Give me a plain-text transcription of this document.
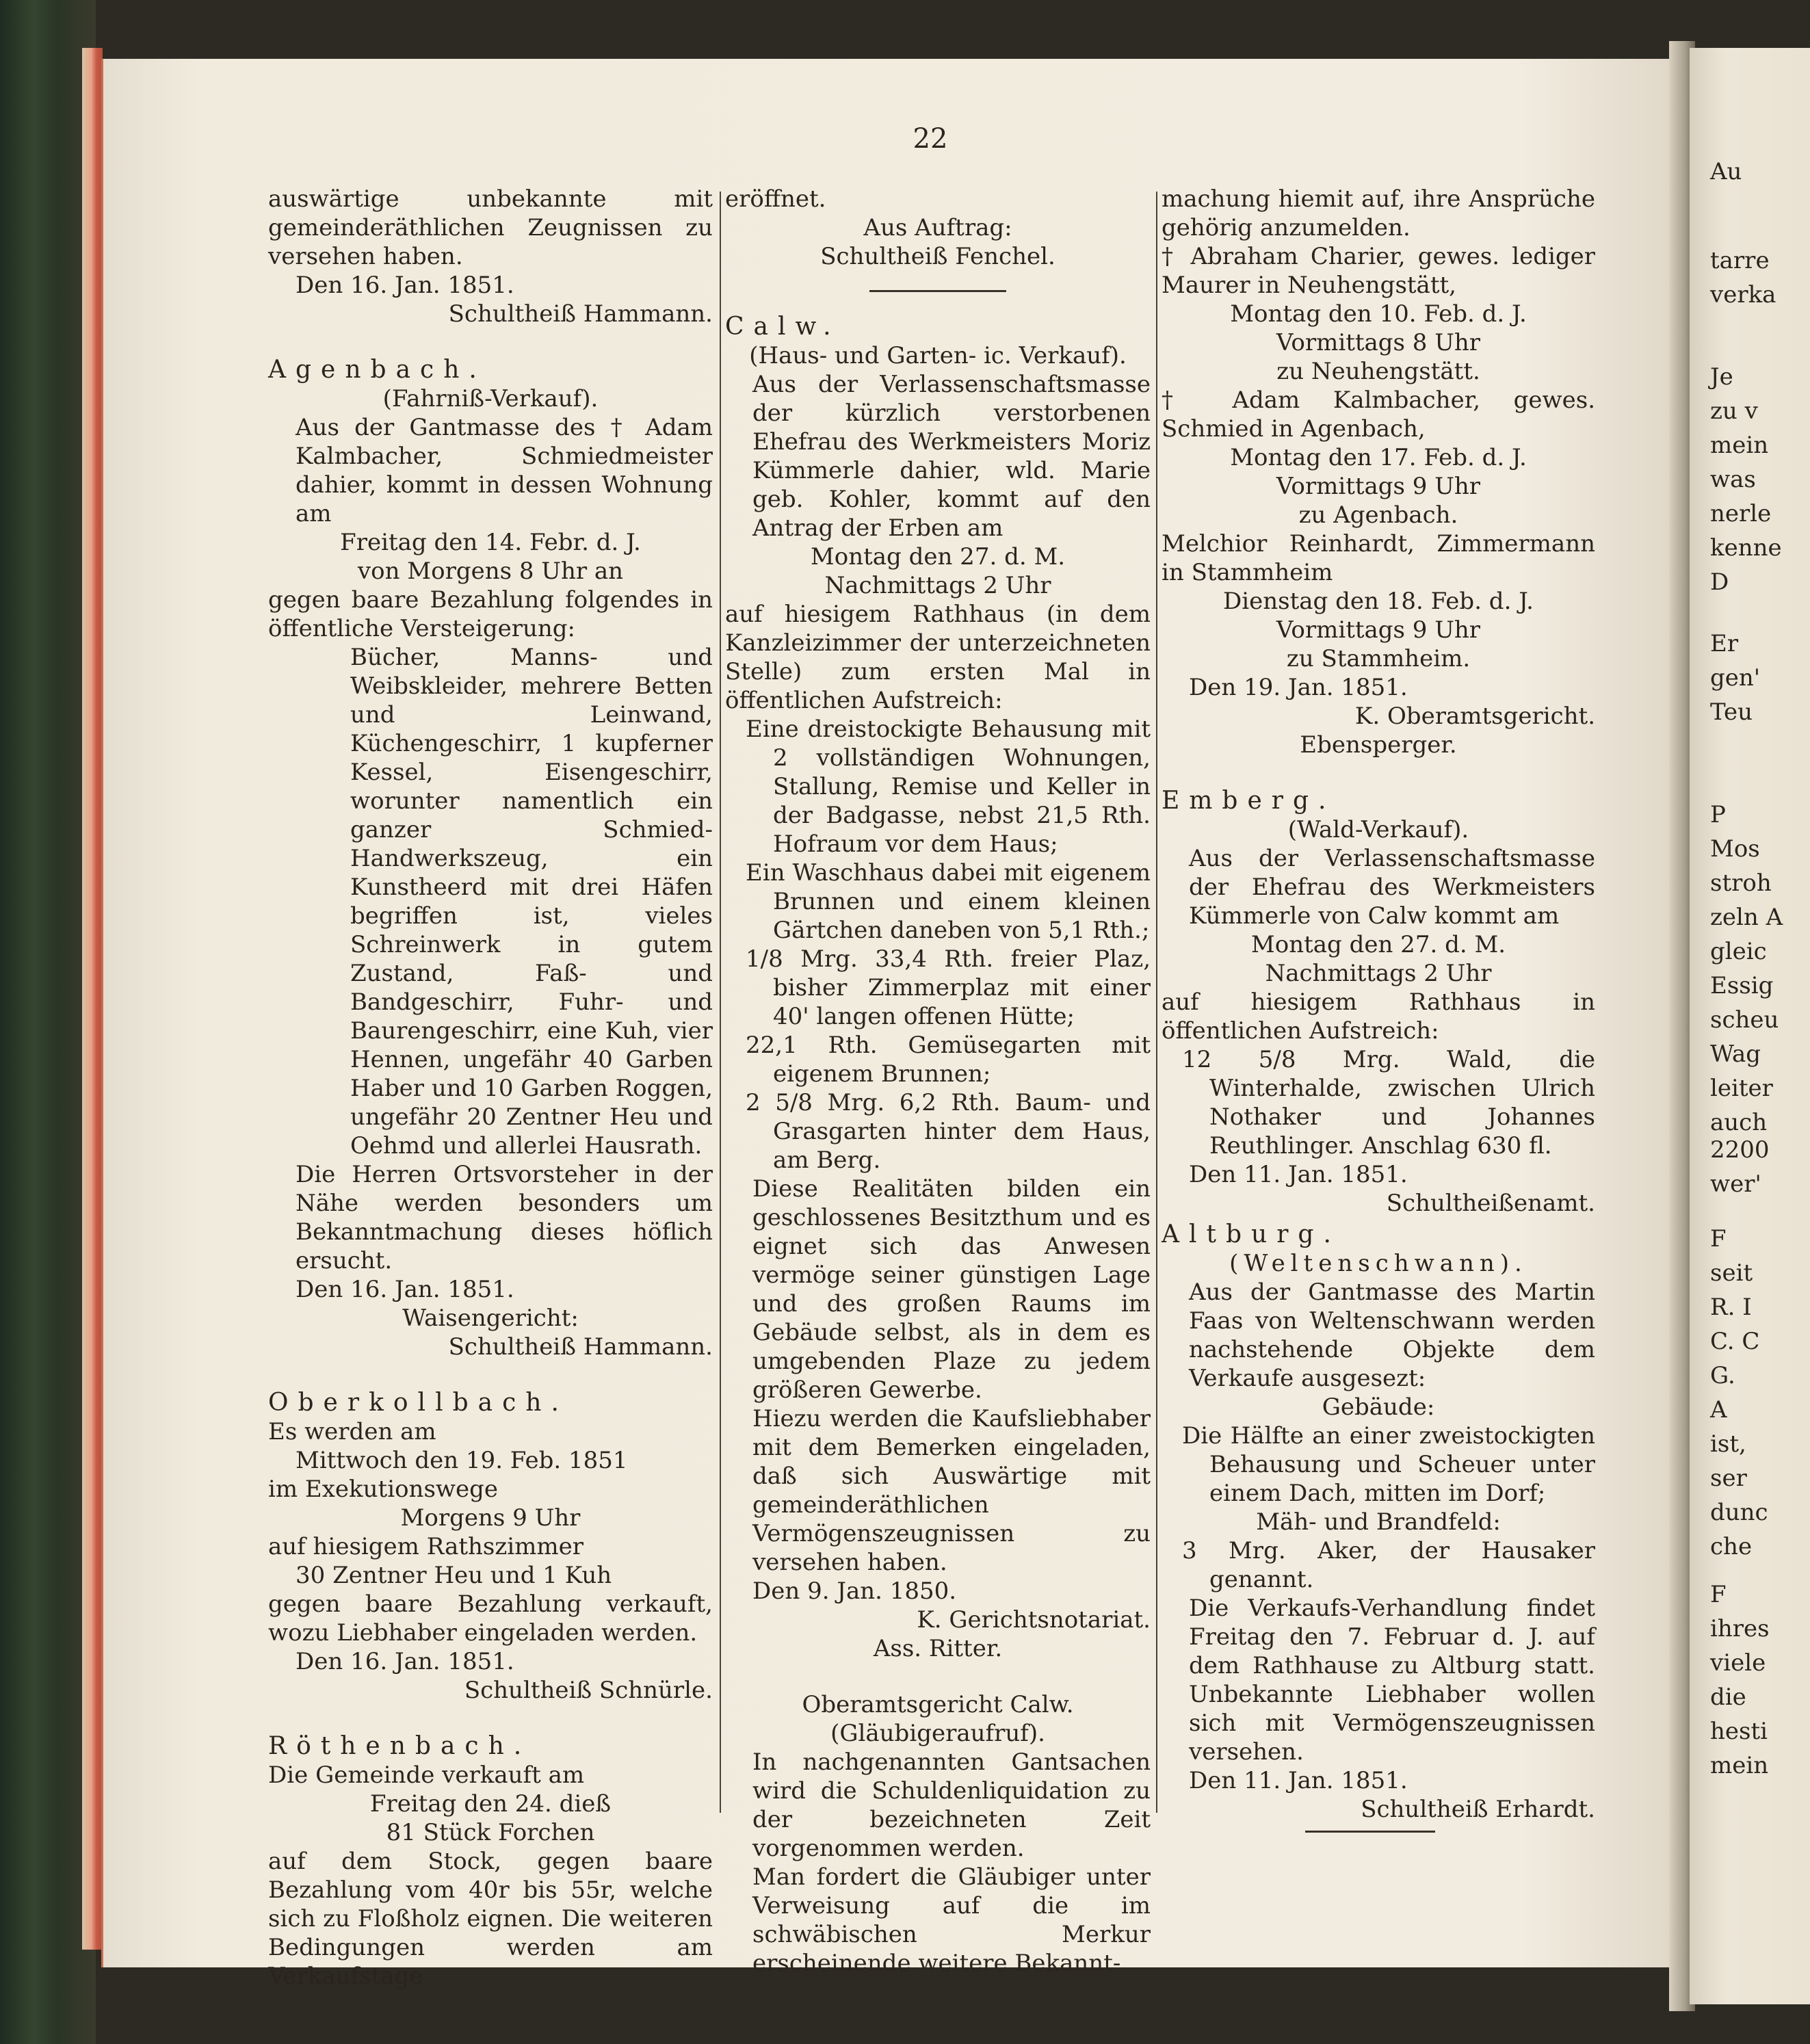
Au
tarre
verka
Je
zu v
mein
was
nerle
kenne
D
Er
gen'
Teu
P
Mos
stroh
zeln A
gleic
Essig
scheu
Wag
leiter
auch
2200
wer'
F
seit
R. I
C. C
G.
A
ist,
ser
dunc
che
F
ihres
viele
die
hesti
mein
22

auswärtige unbekannte mit gemeinderäthlichen Zeugnissen zu versehen haben.

Den 16. Jan. 1851.

Schultheiß Hammann.

Agenbach.

(Fahrniß-Verkauf).

Aus der Gantmasse des † Adam Kalmbacher, Schmiedmeister dahier, kommt in dessen Wohnung am

Freitag den 14. Febr. d. J.

von Morgens 8 Uhr an

gegen baare Bezahlung folgendes in öffentliche Versteigerung:

Bücher, Manns- und Weibskleider, mehrere Betten und Leinwand, Küchengeschirr, 1 kupferner Kessel, Eisengeschirr, worunter namentlich ein ganzer Schmied-Handwerkszeug, ein Kunstheerd mit drei Häfen begriffen ist, vieles Schreinwerk in gutem Zustand, Faß- und Bandgeschirr, Fuhr- und Baurengeschirr, eine Kuh, vier Hennen, ungefähr 40 Garben Haber und 10 Garben Roggen, ungefähr 20 Zentner Heu und Oehmd und allerlei Hausrath.

Die Herren Ortsvorsteher in der Nähe werden besonders um Bekanntmachung dieses höflich ersucht.

Den 16. Jan. 1851.

Waisengericht:

Schultheiß Hammann.

Oberkollbach.

Es werden am

Mittwoch den 19. Feb. 1851

im Exekutionswege

Morgens 9 Uhr

auf hiesigem Rathszimmer

30 Zentner Heu und 1 Kuh

gegen baare Bezahlung verkauft, wozu Liebhaber eingeladen werden.

Den 16. Jan. 1851.

Schultheiß Schnürle.

Röthenbach.

Die Gemeinde verkauft am

Freitag den 24. dieß

81 Stück Forchen

auf dem Stock, gegen baare Bezahlung vom 40r bis 55r, welche sich zu Floßholz eignen. Die weiteren Bedingungen werden am Verkaufstage

eröffnet.

Aus Auftrag:

Schultheiß Fenchel.

Calw.

(Haus- und Garten- ic. Verkauf).

Aus der Verlassenschaftsmasse der kürzlich verstorbenen Ehefrau des Werkmeisters Moriz Kümmerle dahier, wld. Marie geb. Kohler, kommt auf den Antrag der Erben am

Montag den 27. d. M.

Nachmittags 2 Uhr

auf hiesigem Rathhaus (in dem Kanzleizimmer der unterzeichneten Stelle) zum ersten Mal in öffentlichen Aufstreich:

Eine dreistockigte Behausung mit 2 vollständigen Wohnungen, Stallung, Remise und Keller in der Badgasse, nebst 21,5 Rth. Hofraum vor dem Haus;

Ein Waschhaus dabei mit eigenem Brunnen und einem kleinen Gärtchen daneben von 5,1 Rth.;

1/8 Mrg. 33,4 Rth. freier Plaz, bisher Zimmerplaz mit einer 40' langen offenen Hütte;

22,1 Rth. Gemüsegarten mit eigenem Brunnen;

2 5/8 Mrg. 6,2 Rth. Baum- und Grasgarten hinter dem Haus, am Berg.

Diese Realitäten bilden ein geschlossenes Besitzthum und es eignet sich das Anwesen vermöge seiner günstigen Lage und des großen Raums im Gebäude selbst, als in dem es umgebenden Plaze zu jedem größeren Gewerbe.

Hiezu werden die Kaufsliebhaber mit dem Bemerken eingeladen, daß sich Auswärtige mit gemeinderäthlichen Vermögenszeugnissen zu versehen haben.

Den 9. Jan. 1850.

K. Gerichtsnotariat.

Ass. Ritter.

Oberamtsgericht Calw.

(Gläubigeraufruf).

In nachgenannten Gantsachen wird die Schuldenliquidation zu der bezeichneten Zeit vorgenommen werden.

Man fordert die Gläubiger unter Verweisung auf die im schwäbischen Merkur erscheinende weitere Bekannt-

machung hiemit auf, ihre Ansprüche gehörig anzumelden.

† Abraham Charier, gewes. lediger Maurer in Neuhengstätt,

Montag den 10. Feb. d. J.

Vormittags 8 Uhr

zu Neuhengstätt.

† Adam Kalmbacher, gewes. Schmied in Agenbach,

Montag den 17. Feb. d. J.

Vormittags 9 Uhr

zu Agenbach.

Melchior Reinhardt, Zimmermann in Stammheim

Dienstag den 18. Feb. d. J.

Vormittags 9 Uhr

zu Stammheim.

Den 19. Jan. 1851.

K. Oberamtsgericht.

Ebensperger.

Emberg.

(Wald-Verkauf).

Aus der Verlassenschaftsmasse der Ehefrau des Werkmeisters Kümmerle von Calw kommt am

Montag den 27. d. M.

Nachmittags 2 Uhr

auf hiesigem Rathhaus in öffentlichen Aufstreich:

12 5/8 Mrg. Wald, die Winterhalde, zwischen Ulrich Nothaker und Johannes Reuthlinger. Anschlag 630 fl.

Den 11. Jan. 1851.

Schultheißenamt.

Altburg.

(Weltenschwann).

Aus der Gantmasse des Martin Faas von Weltenschwann werden nachstehende Objekte dem Verkaufe ausgesezt:

Gebäude:

Die Hälfte an einer zweistockigten Behausung und Scheuer unter einem Dach, mitten im Dorf;

Mäh- und Brandfeld:

3 Mrg. Aker, der Hausaker genannt.

Die Verkaufs-Verhandlung findet Freitag den 7. Februar d. J. auf dem Rathhause zu Altburg statt. Unbekannte Liebhaber wollen sich mit Vermögenszeugnissen versehen.

Den 11. Jan. 1851.

Schultheiß Erhardt.
